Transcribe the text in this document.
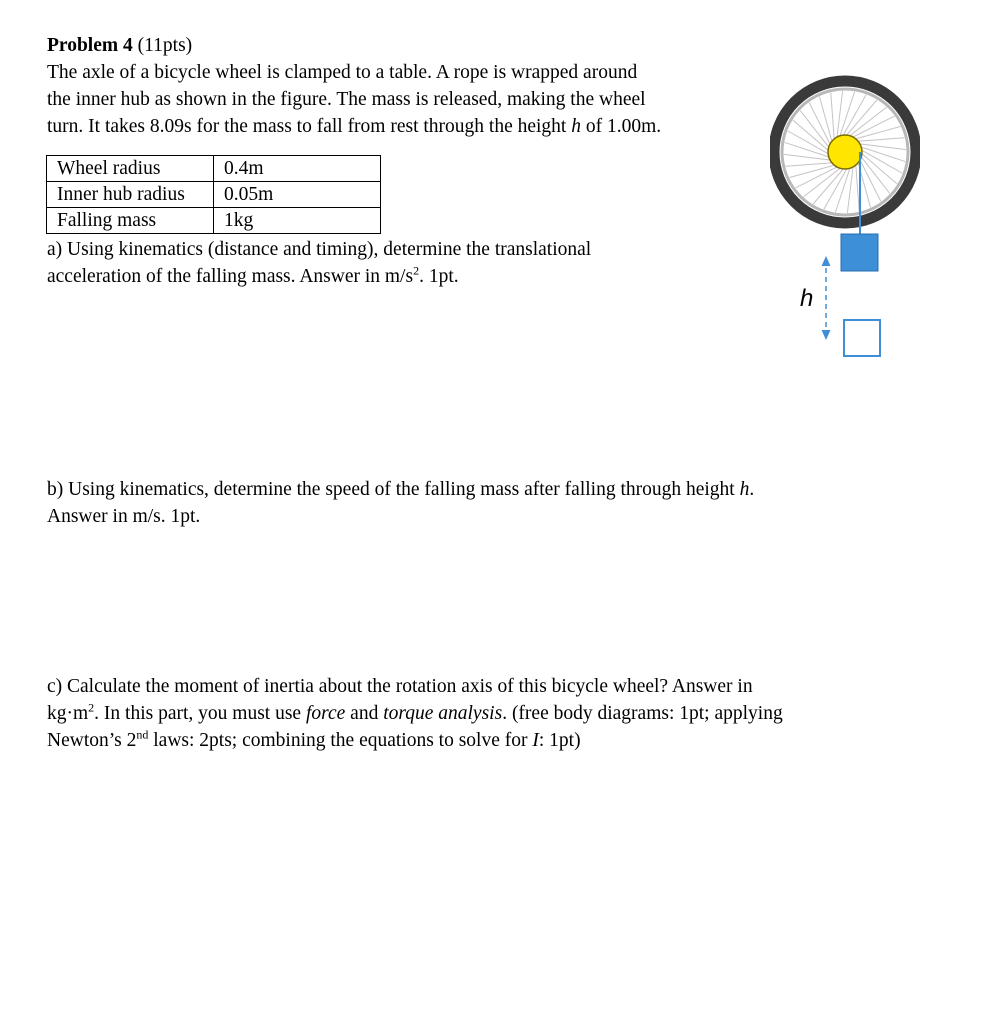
Problem 4 (11pts)
The axle of a bicycle wheel is clamped to a table. A rope is wrapped around
the inner hub as shown in the figure. The mass is released, making the wheel
turn. It takes 8.09s for the mass to fall from rest through the height h of 1.00m.
Wheel radius	0.4m
Inner hub radius	0.05m
Falling mass	1kg
a) Using kinematics (distance and timing), determine the translational
acceleration of the falling mass. Answer in $m/s^2$. 1pt.
b) Using kinematics, determine the speed of the falling mass after falling through height h.
Answer in m/s. 1pt.
c) Calculate the moment of inertia about the rotation axis of this bicycle wheel? Answer in
$kg\cdot m^2$. In this part, you must use force and torque analysis. (free body diagrams: 1pt; applying
Newton’s 2nd laws: 2pts; combining the equations to solve for I: 1pt)
h
